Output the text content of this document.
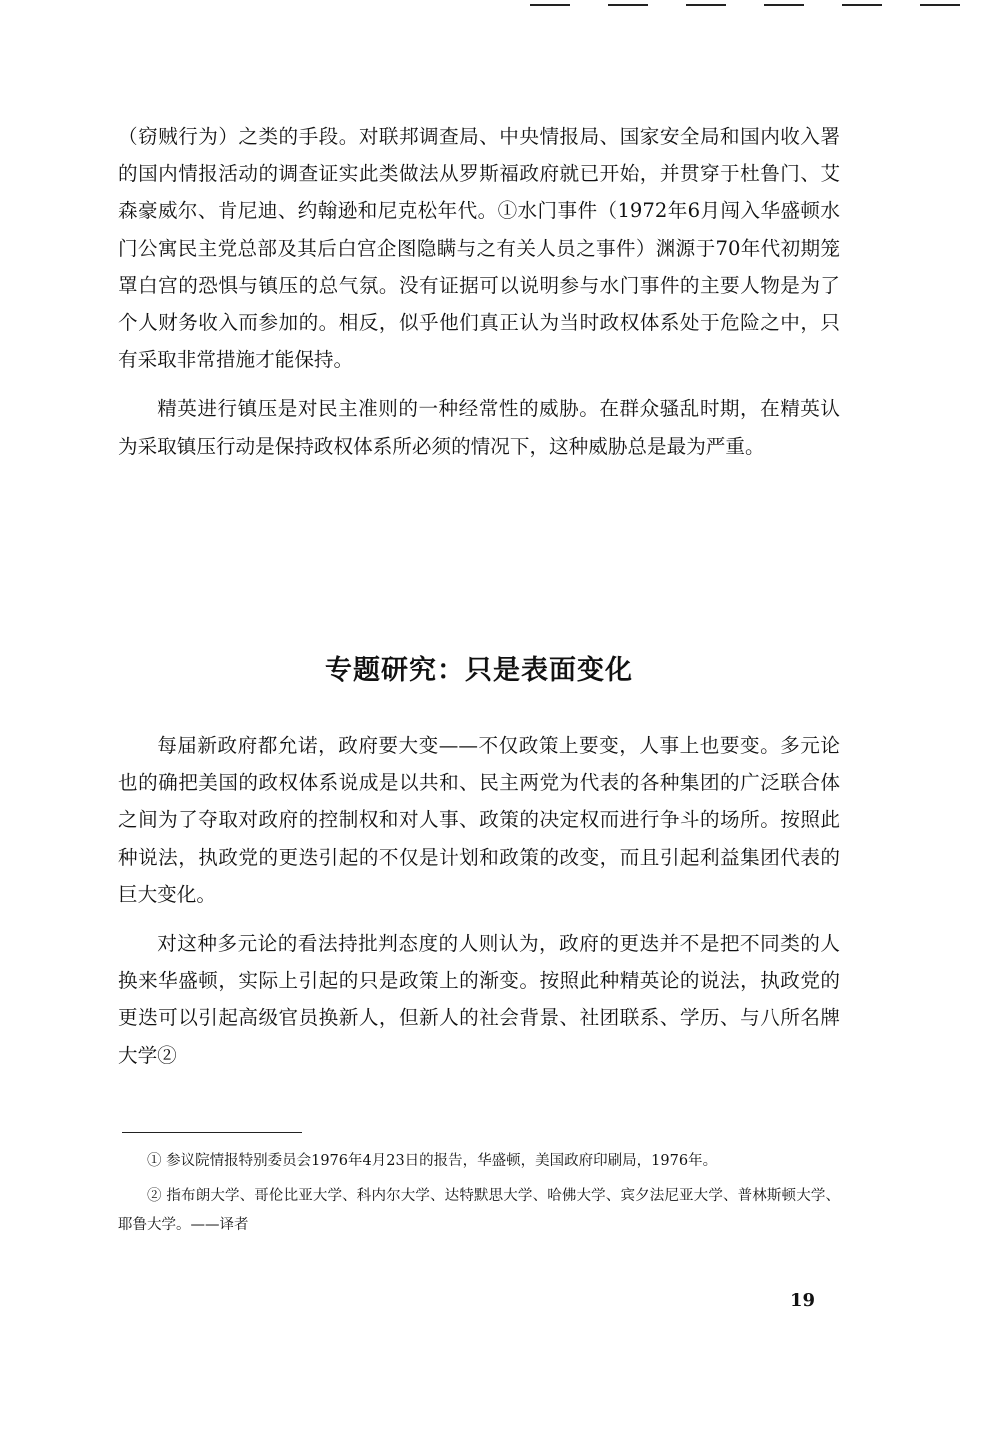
（窃贼行为）之类的手段。对联邦调查局、中央情报局、国家安全局和国内收入署的国内情报活动的调查证实此类做法从罗斯福政府就已开始，并贯穿于杜鲁门、艾森豪威尔、肯尼迪、约翰逊和尼克松年代。①水门事件（1972年6月闯入华盛顿水门公寓民主党总部及其后白宫企图隐瞒与之有关人员之事件）渊源于70年代初期笼罩白宫的恐惧与镇压的总气氛。没有证据可以说明参与水门事件的主要人物是为了个人财务收入而参加的。相反，似乎他们真正认为当时政权体系处于危险之中，只有采取非常措施才能保持。

精英进行镇压是对民主准则的一种经常性的威胁。在群众骚乱时期，在精英认为采取镇压行动是保持政权体系所必须的情况下，这种威胁总是最为严重。

专题研究：只是表面变化

每届新政府都允诺，政府要大变——不仅政策上要变，人事上也要变。多元论也的确把美国的政权体系说成是以共和、民主两党为代表的各种集团的广泛联合体之间为了夺取对政府的控制权和对人事、政策的决定权而进行争斗的场所。按照此种说法，执政党的更迭引起的不仅是计划和政策的改变，而且引起利益集团代表的巨大变化。

对这种多元论的看法持批判态度的人则认为，政府的更迭并不是把不同类的人换来华盛顿，实际上引起的只是政策上的渐变。按照此种精英论的说法，执政党的更迭可以引起高级官员换新人，但新人的社会背景、社团联系、学历、与八所名牌大学②

① 参议院情报特别委员会1976年4月23日的报告，华盛顿，美国政府印刷局，1976年。

② 指布朗大学、哥伦比亚大学、科内尔大学、达特默思大学、哈佛大学、宾夕法尼亚大学、普林斯顿大学、耶鲁大学。——译者

19
